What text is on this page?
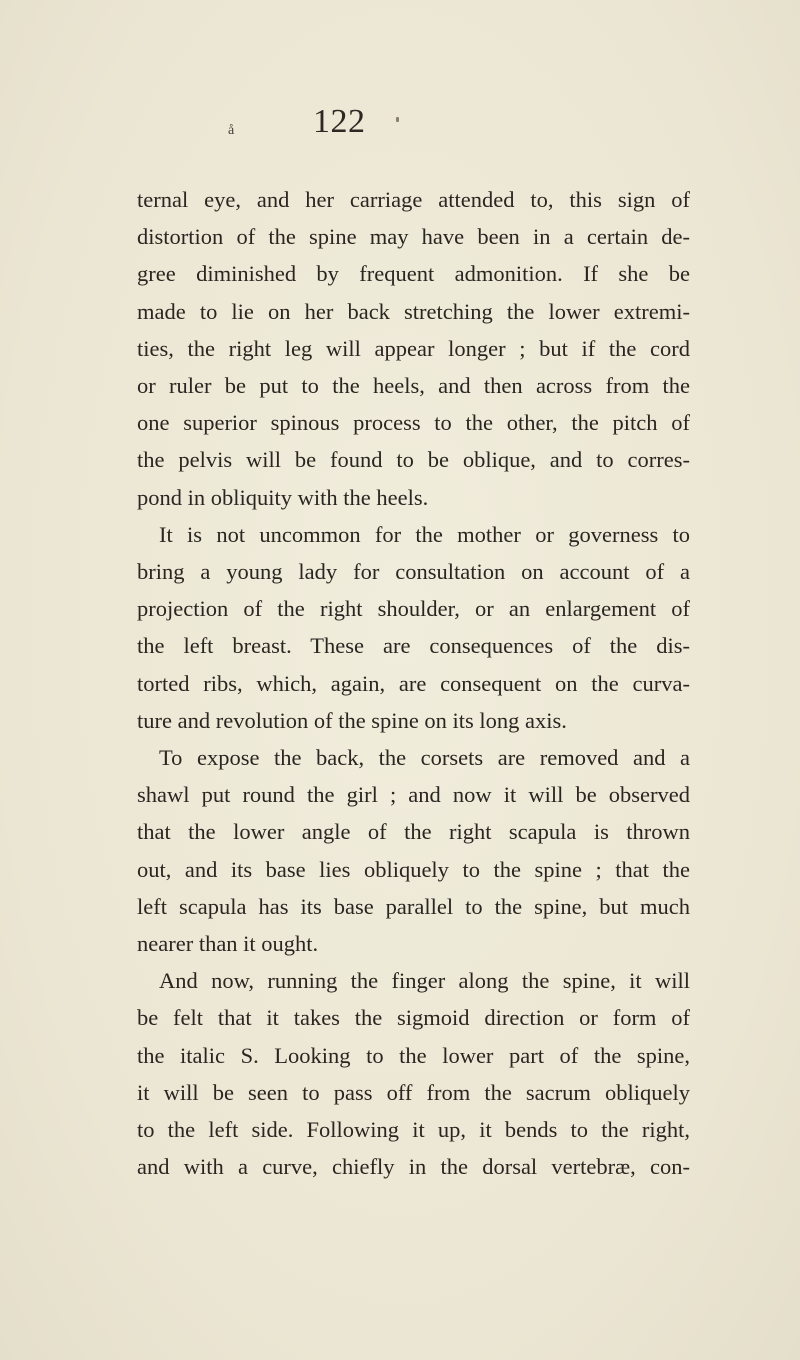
å 122
ternal eye, and her carriage attended to, this sign of
distortion of the spine may have been in a certain de-
gree diminished by frequent admonition. If she be
made to lie on her back stretching the lower extremi-
ties, the right leg will appear longer ; but if the cord
or ruler be put to the heels, and then across from the
one superior spinous process to the other, the pitch of
the pelvis will be found to be oblique, and to corres-
pond in obliquity with the heels.
It is not uncommon for the mother or governess to
bring a young lady for consultation on account of a
projection of the right shoulder, or an enlargement of
the left breast. These are consequences of the dis-
torted ribs, which, again, are consequent on the curva-
ture and revolution of the spine on its long axis.
To expose the back, the corsets are removed and a
shawl put round the girl ; and now it will be observed
that the lower angle of the right scapula is thrown
out, and its base lies obliquely to the spine ; that the
left scapula has its base parallel to the spine, but much
nearer than it ought.
And now, running the finger along the spine, it will
be felt that it takes the sigmoid direction or form of
the italic S. Looking to the lower part of the spine,
it will be seen to pass off from the sacrum obliquely
to the left side. Following it up, it bends to the right,
and with a curve, chiefly in the dorsal vertebræ, con-
